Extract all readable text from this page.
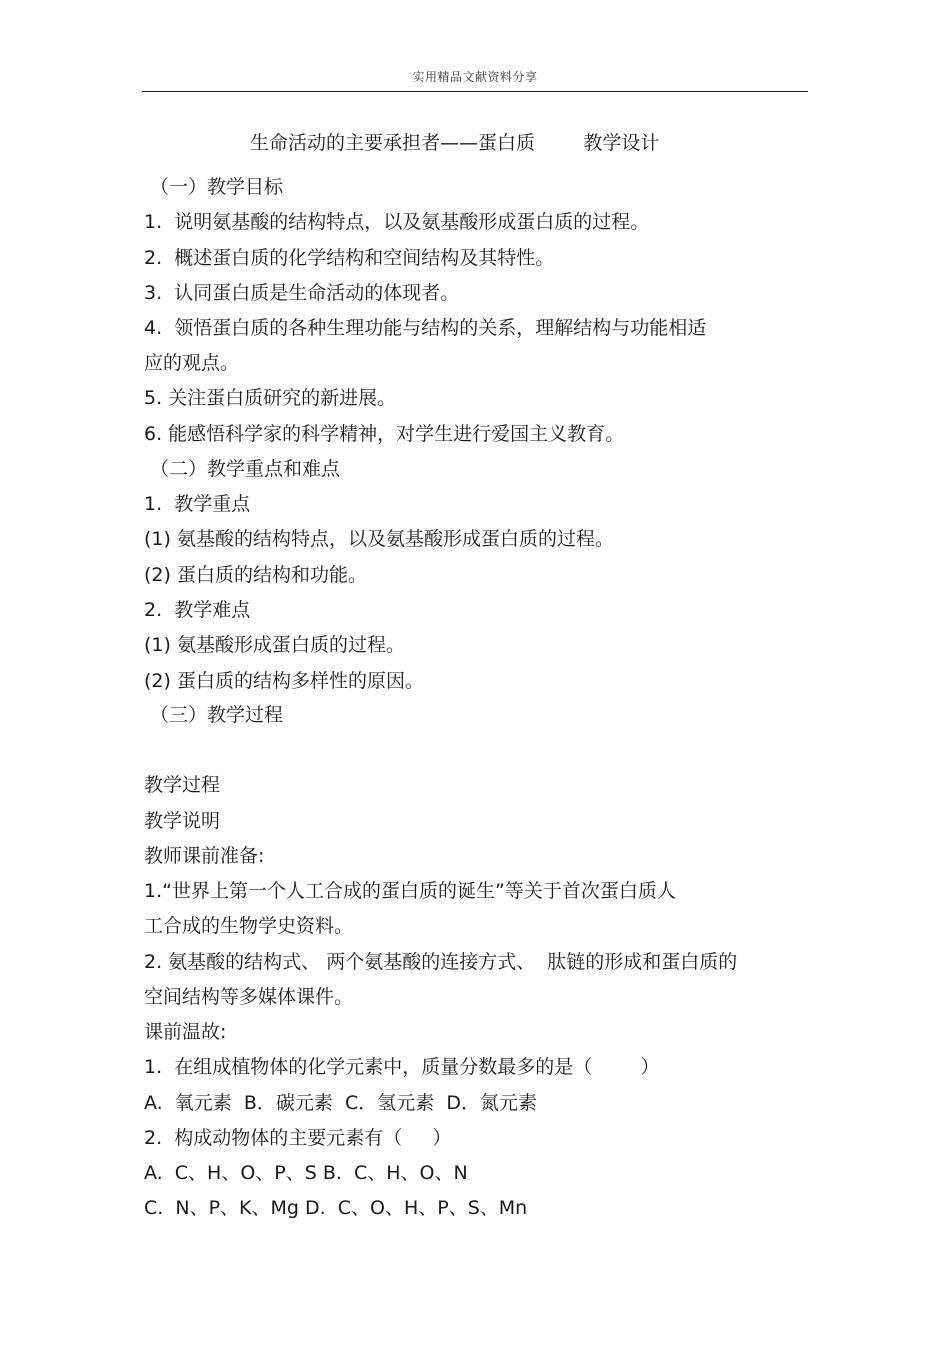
实用精品文献资料分享
生命活动的主要承担者——蛋白质        教学设计
（一）教学目标
1.  说明氨基酸的结构特点，以及氨基酸形成蛋白质的过程。
2.  概述蛋白质的化学结构和空间结构及其特性。
3.  认同蛋白质是生命活动的体现者。
4.  领悟蛋白质的各种生理功能与结构的关系，理解结构与功能相适
应的观点。
5. 关注蛋白质研究的新进展。
6. 能感悟科学家的科学精神，对学生进行爱国主义教育。
（二）教学重点和难点
1.  教学重点
(1) 氨基酸的结构特点，以及氨基酸形成蛋白质的过程。
(2) 蛋白质的结构和功能。
2.  教学难点
(1) 氨基酸形成蛋白质的过程。
(2) 蛋白质的结构多样性的原因。
（三）教学过程
教学过程
教学说明
教师课前准备:
1.“世界上第一个人工合成的蛋白质的诞生”等关于首次蛋白质人
工合成的生物学史资料。
2. 氨基酸的结构式、 两个氨基酸的连接方式、  肽链的形成和蛋白质的
空间结构等多媒体课件。
课前温故:
1.  在组成植物体的化学元素中，质量分数最多的是（        ）
A.  氧元素  B．碳元素  C．氢元素  D．氮元素
2.  构成动物体的主要元素有（     ）
A.  C、H、O、P、S B.  C、H、O、N
C.  N、P、K、Mg D.  C、O、H、P、S、Mn
